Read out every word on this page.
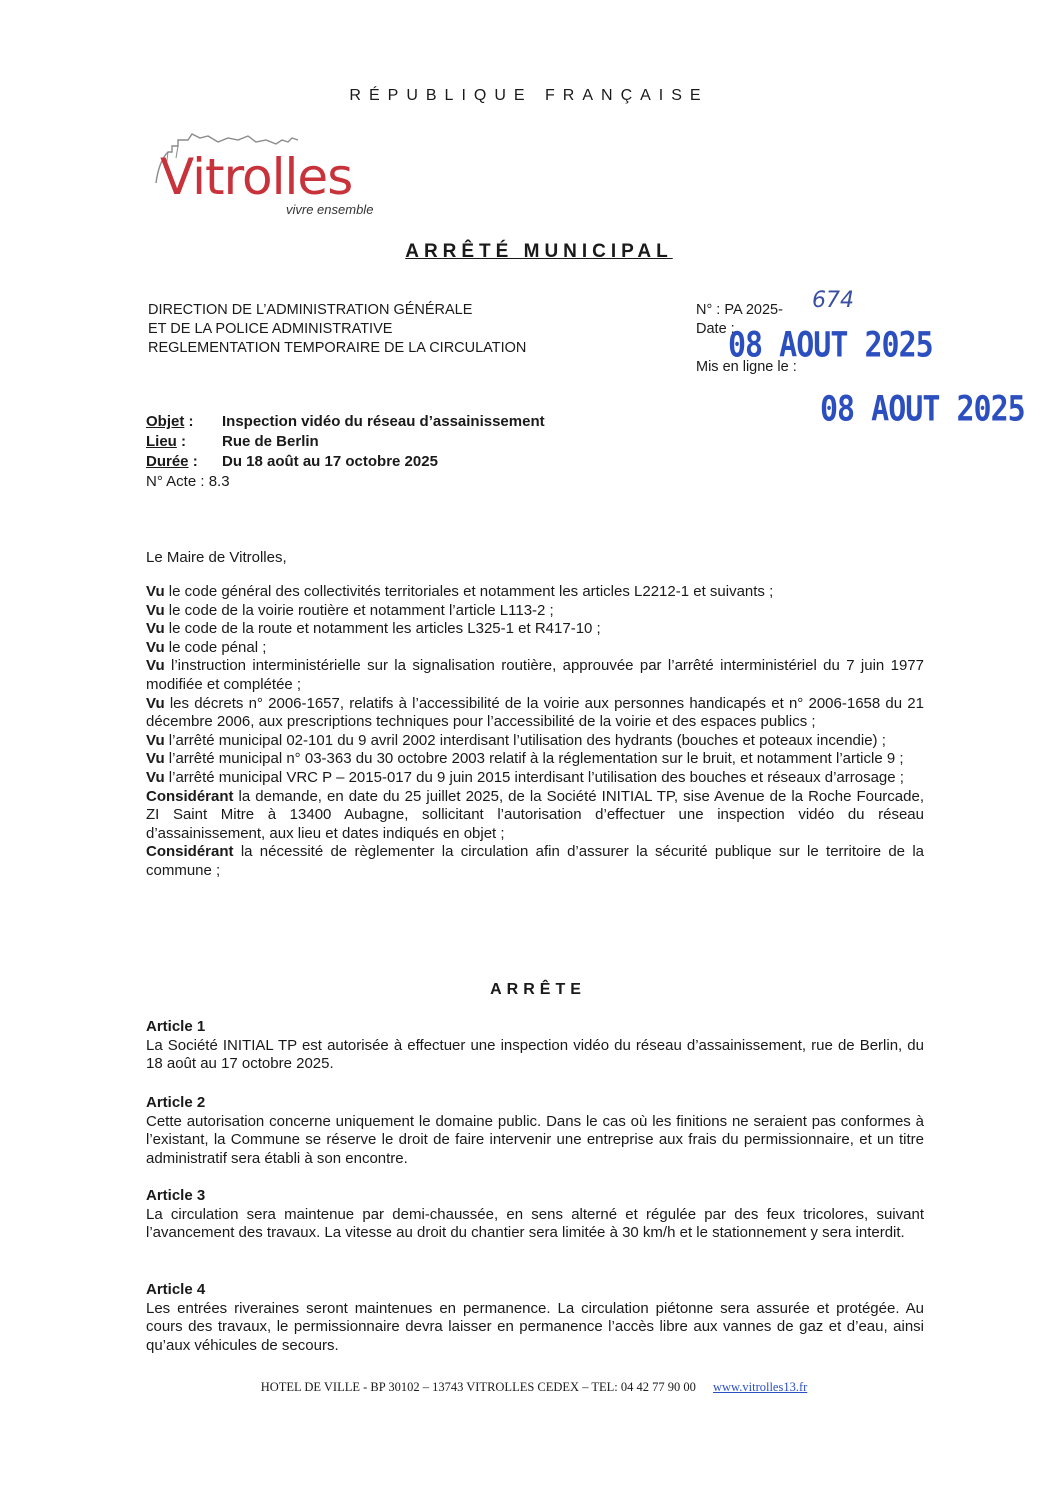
RÉPUBLIQUE FRANÇAISE
Vitrolles
vivre ensemble
ARRÊTÉ MUNICIPAL
DIRECTION DE L’ADMINISTRATION GÉNÉRALE
ET DE LA POLICE ADMINISTRATIVE
REGLEMENTATION TEMPORAIRE DE LA CIRCULATION
N° : PA 2025-
Date :
Mis en ligne le :
674
08 AOUT 2025
08 AOUT 2025
Objet : Inspection vidéo du réseau d’assainissement
Lieu : Rue de Berlin
Durée : Du 18 août au 17 octobre 2025
N° Acte : 8.3
Le Maire de Vitrolles,

Vu le code général des collectivités territoriales et notamment les articles L2212-1 et suivants ;

Vu le code de la voirie routière et notamment l’article L113-2 ;

Vu le code de la route et notamment les articles L325-1 et R417-10 ;

Vu le code pénal ;

Vu l’instruction interministérielle sur la signalisation routière, approuvée par l’arrêté interministériel du 7 juin 1977 modifiée et complétée ;

Vu les décrets n° 2006-1657, relatifs à l’accessibilité de la voirie aux personnes handicapés et n° 2006-1658 du 21 décembre 2006, aux prescriptions techniques pour l’accessibilité de la voirie et des espaces publics ;

Vu l’arrêté municipal 02-101 du 9 avril 2002 interdisant l’utilisation des hydrants (bouches et poteaux incendie) ;

Vu l’arrêté municipal n° 03-363 du 30 octobre 2003 relatif à la réglementation sur le bruit, et notamment l’article 9 ;

Vu l’arrêté municipal VRC P – 2015-017 du 9 juin 2015 interdisant l’utilisation des bouches et réseaux d’arrosage ;

Considérant la demande, en date du 25 juillet 2025, de la Société INITIAL TP, sise Avenue de la Roche Fourcade, ZI Saint Mitre à 13400 Aubagne, sollicitant l’autorisation d’effectuer une inspection vidéo du réseau d’assainissement, aux lieu et dates indiqués en objet ;

Considérant la nécessité de règlementer la circulation afin d’assurer la sécurité publique sur le territoire de la commune ;

ARRÊTE
Article 1

La Société INITIAL TP est autorisée à effectuer une inspection vidéo du réseau d’assainissement, rue de Berlin, du 18 août au 17 octobre 2025.

Article 2

Cette autorisation concerne uniquement le domaine public. Dans le cas où les finitions ne seraient pas conformes à l’existant, la Commune se réserve le droit de faire intervenir une entreprise aux frais du permissionnaire, et un titre administratif sera établi à son encontre.

Article 3

La circulation sera maintenue par demi-chaussée, en sens alterné et régulée par des feux tricolores, suivant l’avancement des travaux. La vitesse au droit du chantier sera limitée à 30 km/h et le stationnement y sera interdit.

Article 4

Les entrées riveraines seront maintenues en permanence. La circulation piétonne sera assurée et protégée. Au cours des travaux, le permissionnaire devra laisser en permanence l’accès libre aux vannes de gaz et d’eau, ainsi qu’aux véhicules de secours.

HOTEL DE VILLE - BP 30102 – 13743 VITROLLES CEDEX – TEL: 04 42 77 90 00 www.vitrolles13.fr
